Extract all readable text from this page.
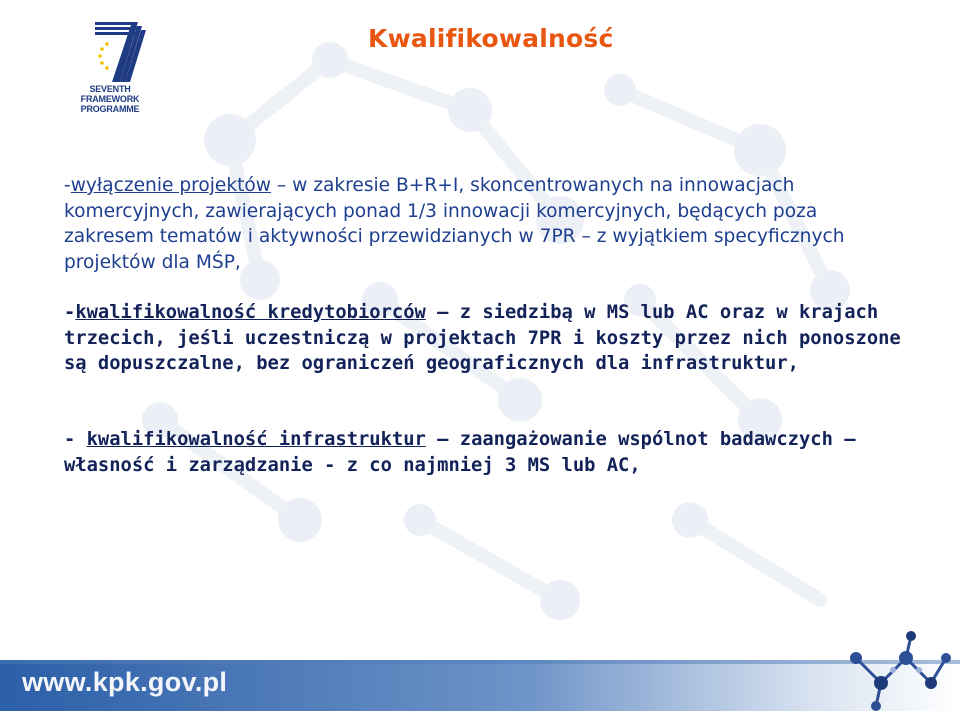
SEVENTH FRAMEWORK
PROGRAMME
Kwalifikowalność

-wyłączenie projektów – w zakresie B+R+I, skoncentrowanych na innowacjach komercyjnych, zawierających ponad 1/3 innowacji komercyjnych, będących poza zakresem tematów i aktywności przewidzianych w 7PR – z wyjątkiem specyficznych projektów dla MŚP,

-kwalifikowalność kredytobiorców – z siedzibą w MS lub AC oraz w krajach trzecich, jeśli uczestniczą w projektach 7PR i koszty przez nich ponoszone są dopuszczalne, bez ograniczeń geograficznych dla infrastruktur,

- kwalifikowalność infrastruktur – zaangażowanie wspólnot badawczych – własność i zarządzanie - z co najmniej 3 MS lub AC,

www.kpk.gov.pl
